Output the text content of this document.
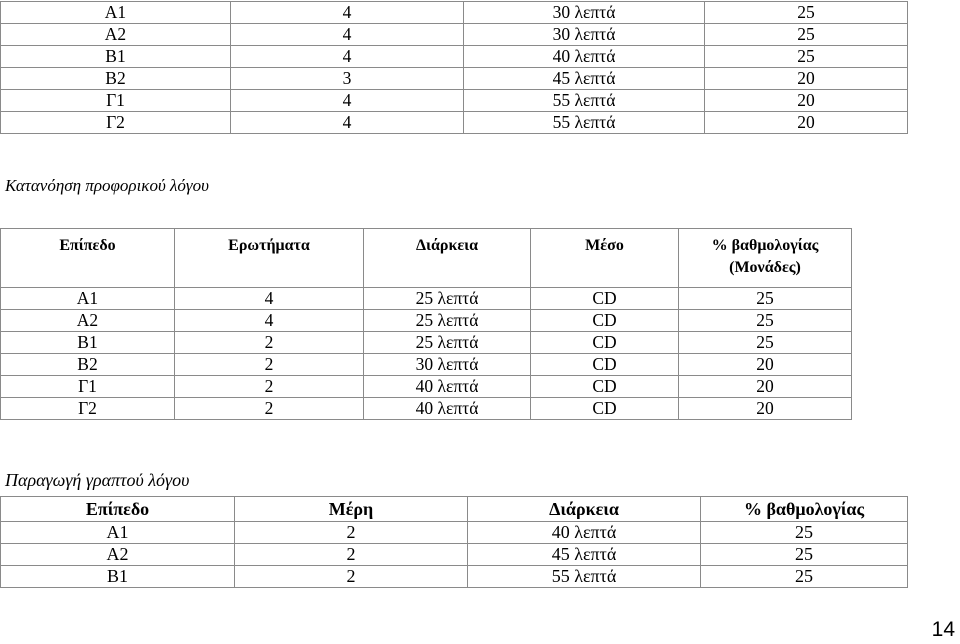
A1	4	30 λεπτά	25
A2	4	30 λεπτά	25
B1	4	40 λεπτά	25
B2	3	45 λεπτά	20
Γ1	4	55 λεπτά	20
Γ2	4	55 λεπτά	20
Κατανόηση προφορικού λόγου
Επίπεδο	Ερωτήματα	Διάρκεια	Μέσο	% βαθμολογίας (Μονάδες)
A1	4	25 λεπτά	CD	25
A2	4	25 λεπτά	CD	25
B1	2	25 λεπτά	CD	25
B2	2	30 λεπτά	CD	20
Γ1	2	40 λεπτά	CD	20
Γ2	2	40 λεπτά	CD	20
Παραγωγή γραπτού λόγου
Επίπεδο	Μέρη	Διάρκεια	% βαθμολογίας
A1	2	40 λεπτά	25
A2	2	45 λεπτά	25
B1	2	55 λεπτά	25
14
